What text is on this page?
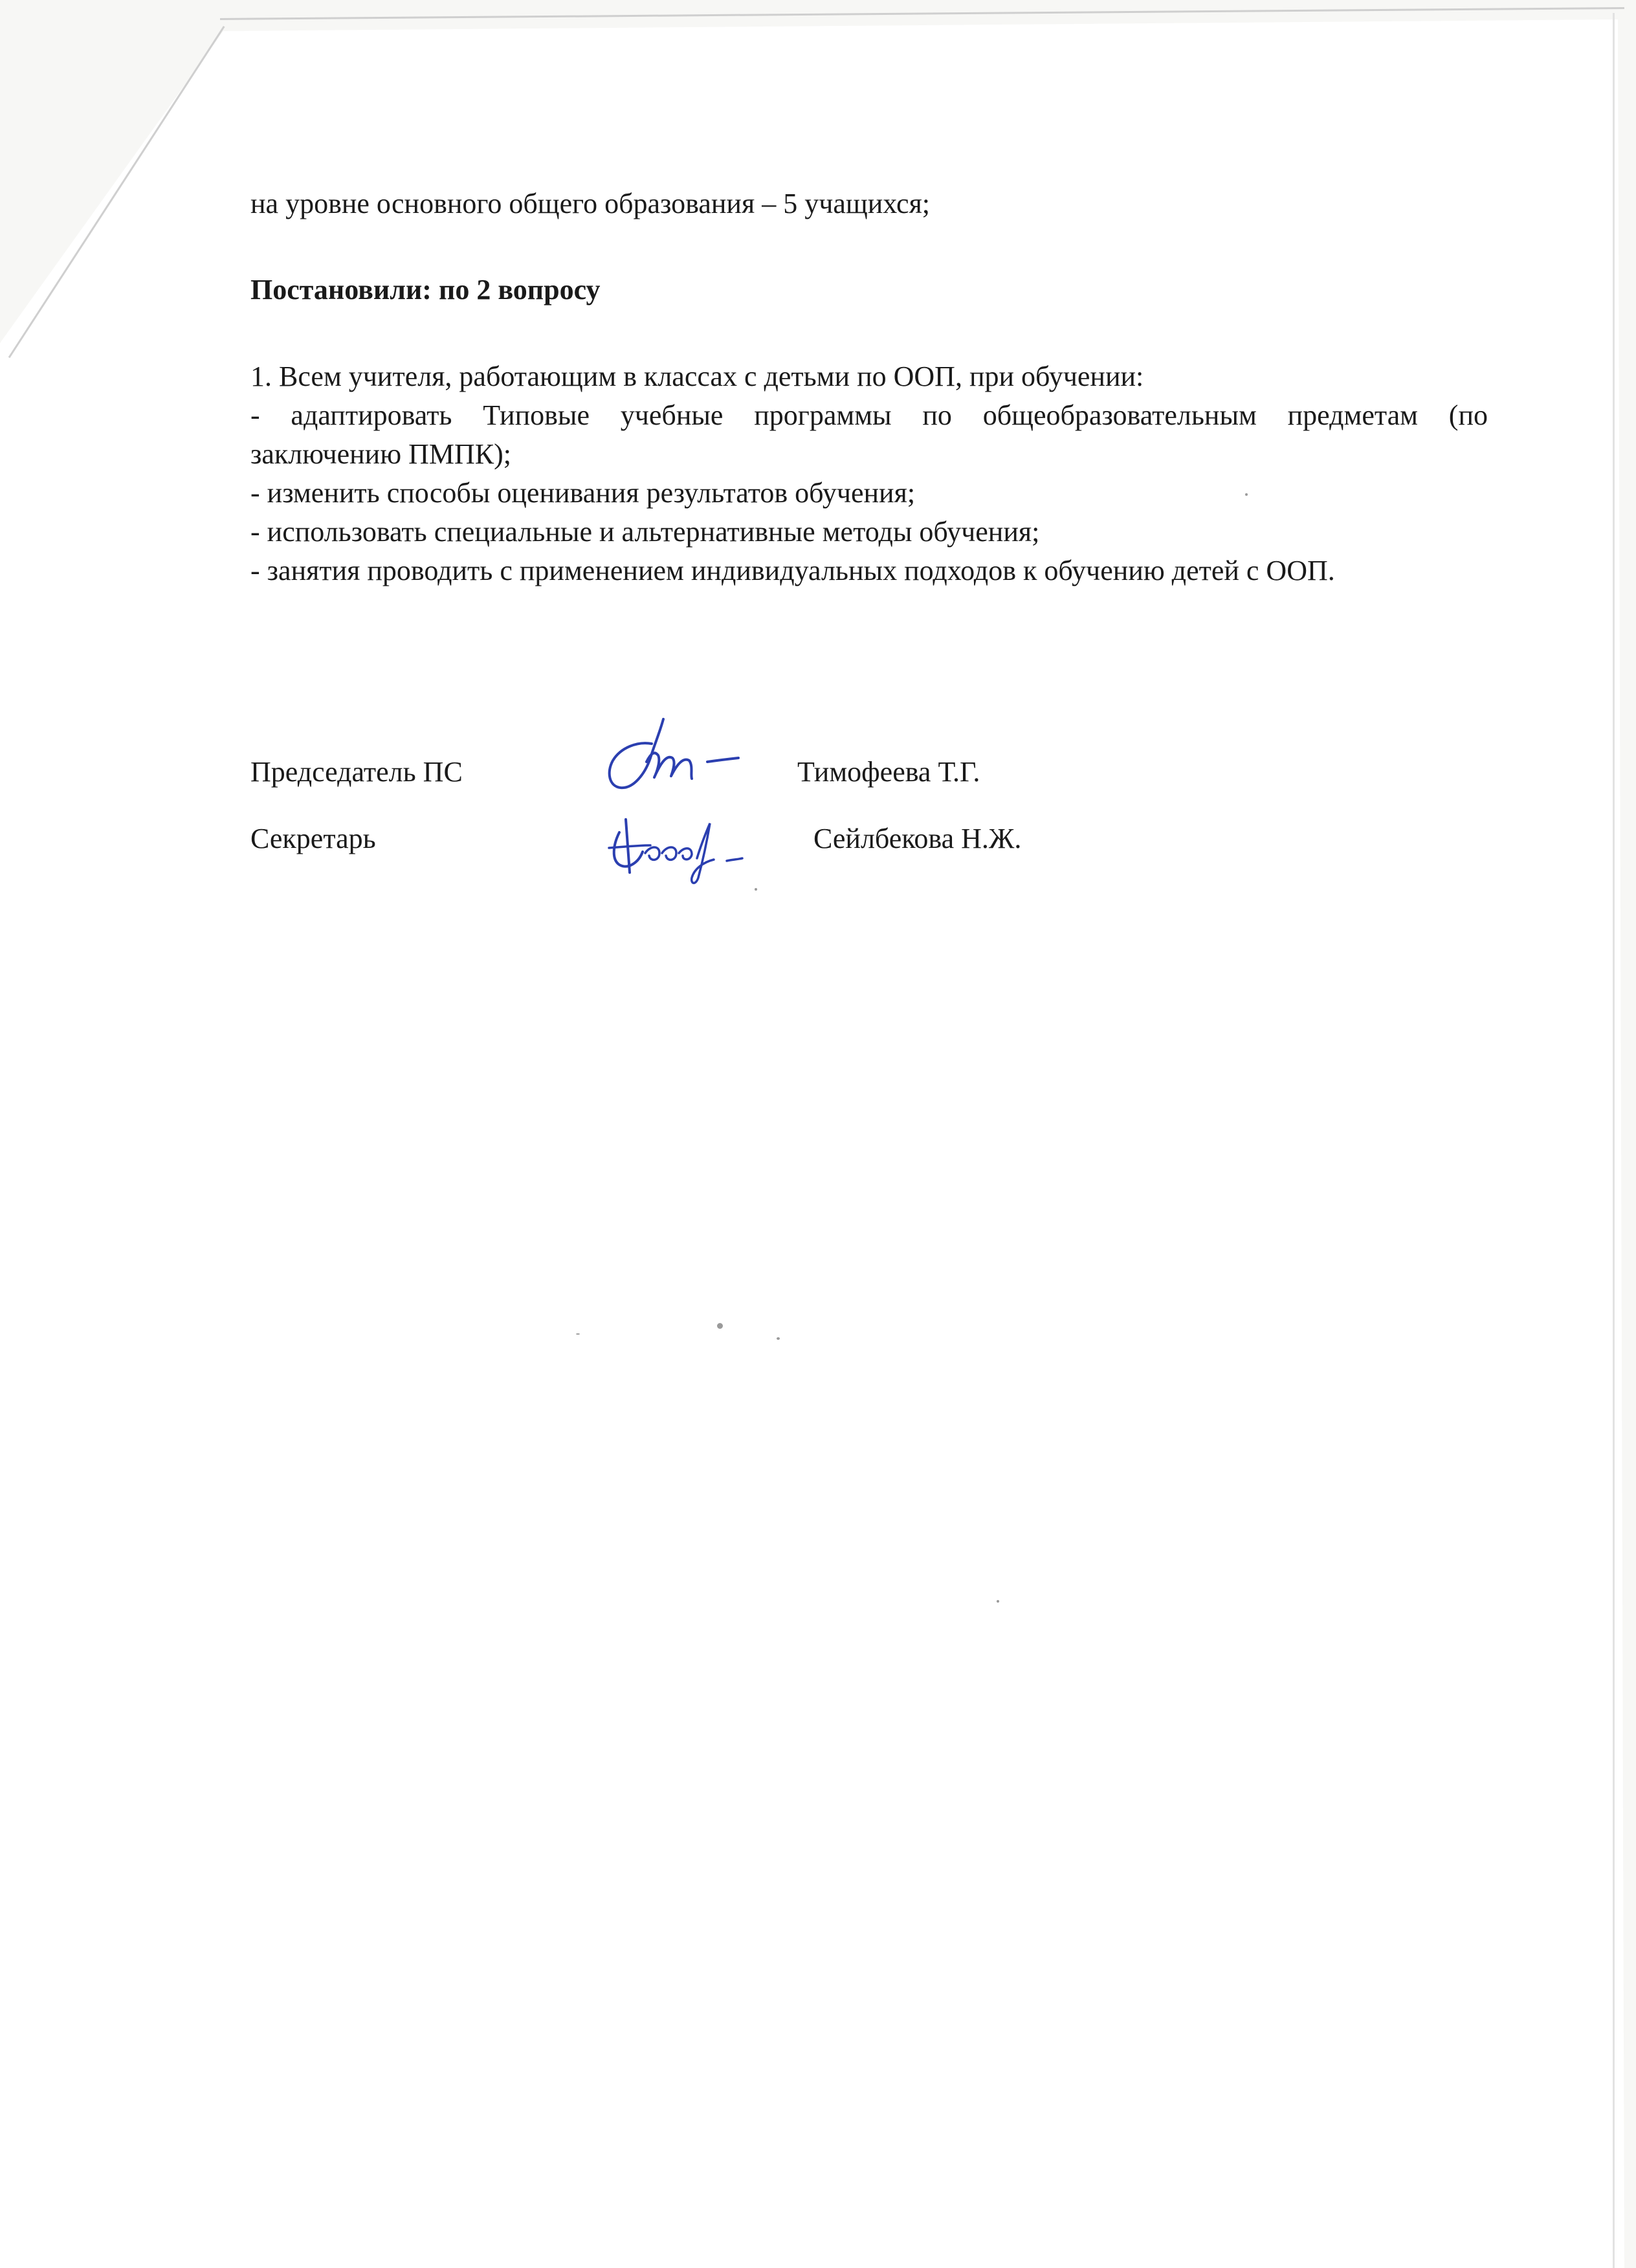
на уровне основного общего образования – 5 учащихся;
Постановили: по 2 вопросу
1. Всем учителя, работающим в классах с детьми по ООП, при обучении:
- адаптировать Типовые учебные программы по общеобразовательным предметам (по
заключению ПМПК);
- изменить способы оценивания результатов обучения;
- использовать специальные и альтернативные методы обучения;
- занятия проводить с применением индивидуальных подходов к обучению детей с ООП.
Председатель ПС	Тимофеева Т.Г.
Секретарь	Сейлбекова Н.Ж.
